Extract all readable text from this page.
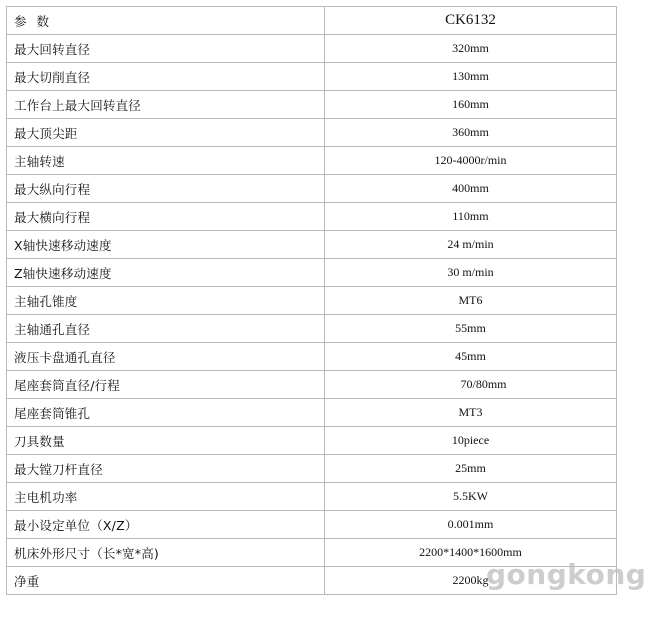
参 数	CK6132
最大回转直径	320mm
最大切削直径	130mm
工作台上最大回转直径	160mm
最大顶尖距	360mm
主轴转速	120-4000r/min
最大纵向行程	400mm
最大横向行程	110mm
X轴快速移动速度	24 m/min
Z轴快速移动速度	30 m/min
主轴孔锥度	MT6
主轴通孔直径	55mm
液压卡盘通孔直径	45mm
尾座套筒直径/行程	70/80mm
尾座套筒锥孔	MT3
刀具数量	10piece
最大镗刀杆直径	25mm
主电机功率	5.5KW
最小设定单位（X/Z）	0.001mm
机床外形尺寸（长*宽*高)	2200*1400*1600mm
净重	2200kg
gongkong
